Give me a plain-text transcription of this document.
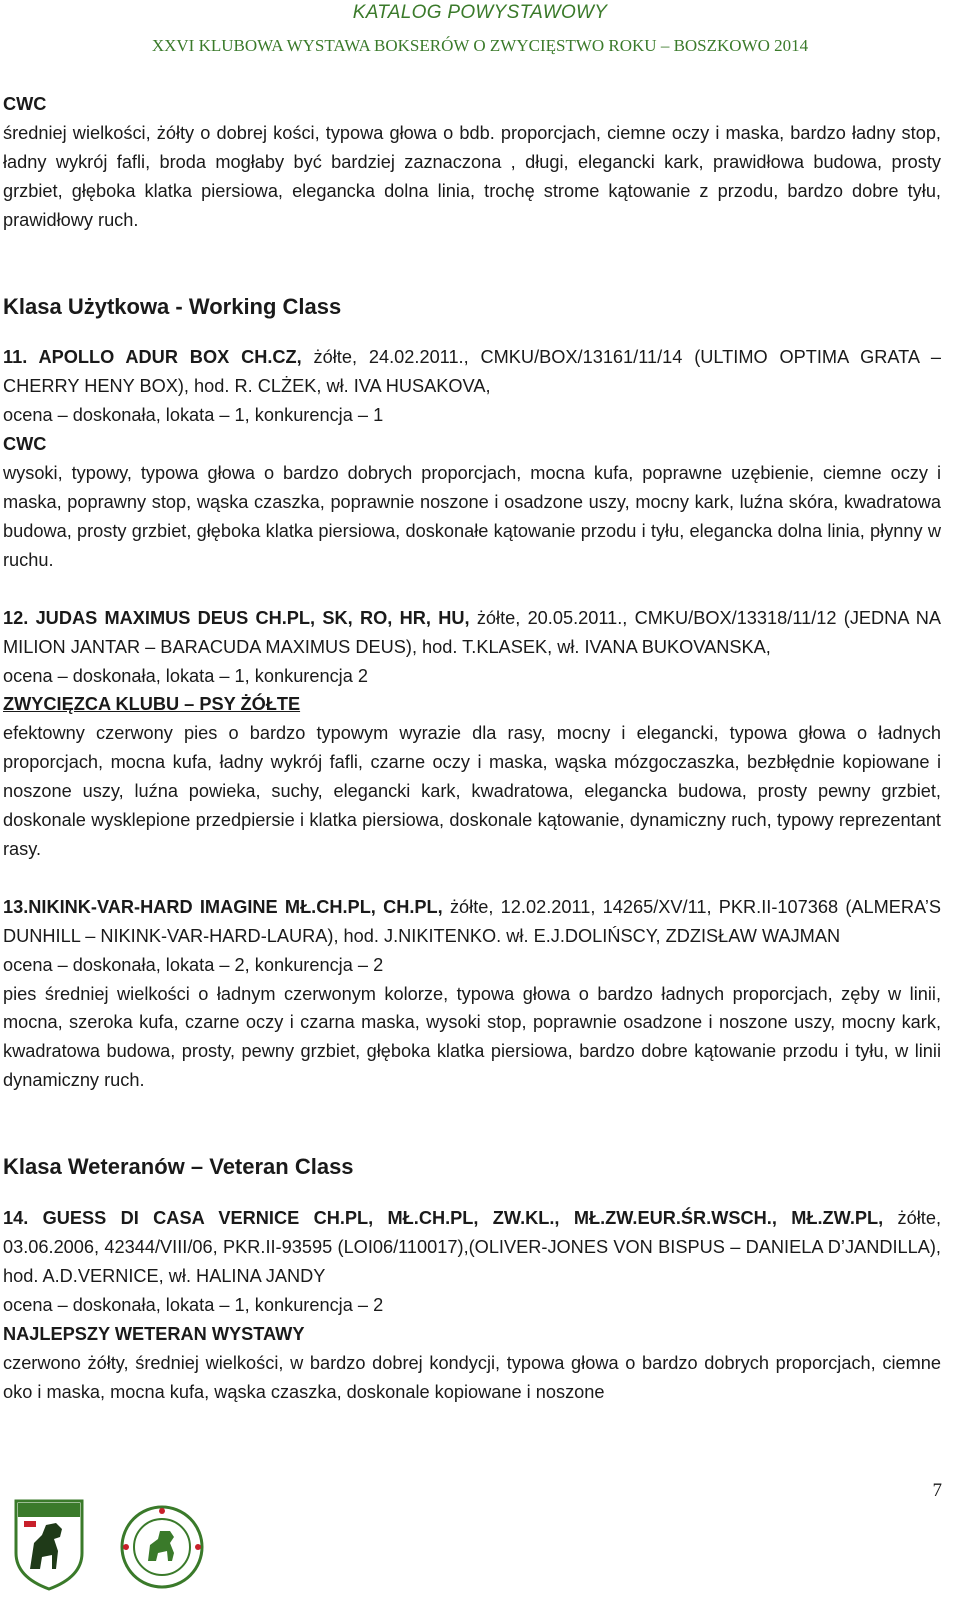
KATALOG POWYSTAWOWY
XXVI KLUBOWA WYSTAWA BOKSERÓW O ZWYCIĘSTWO ROKU – BOSZKOWO 2014

CWC

średniej wielkości, żółty o dobrej kości, typowa głowa o bdb. proporcjach, ciemne oczy i maska, bardzo ładny stop, ładny wykrój fafli, broda mogłaby być bardziej zaznaczona , długi, elegancki kark, prawidłowa budowa, prosty grzbiet, głęboka klatka piersiowa, elegancka dolna linia, trochę strome kątowanie z przodu, bardzo dobre tyłu, prawidłowy ruch.

Klasa Użytkowa - Working Class

11. APOLLO ADUR BOX CH.CZ, żółte, 24.02.2011., CMKU/BOX/13161/11/14 (ULTIMO OPTIMA GRATA – CHERRY HENY BOX), hod. R. CLŻEK, wł. IVA HUSAKOVA,

ocena – doskonała, lokata – 1, konkurencja – 1

CWC

wysoki, typowy, typowa głowa o bardzo dobrych proporcjach, mocna kufa, poprawne uzębienie, ciemne oczy i maska, poprawny stop, wąska czaszka, poprawnie noszone i osadzone uszy, mocny kark, luźna skóra, kwadratowa budowa, prosty grzbiet, głęboka klatka piersiowa, doskonałe kątowanie przodu i tyłu, elegancka dolna linia, płynny w ruchu.

12. JUDAS MAXIMUS DEUS CH.PL, SK, RO, HR, HU, żółte, 20.05.2011., CMKU/BOX/13318/11/12 (JEDNA NA MILION JANTAR – BARACUDA MAXIMUS DEUS), hod. T.KLASEK, wł. IVANA BUKOVANSKA,

ocena – doskonała, lokata – 1, konkurencja 2

ZWYCIĘZCA KLUBU – PSY ŻÓŁTE

efektowny czerwony pies o bardzo typowym wyrazie dla rasy, mocny i elegancki, typowa głowa o ładnych proporcjach, mocna kufa, ładny wykrój fafli, czarne oczy i maska, wąska mózgoczaszka, bezbłędnie kopiowane i noszone uszy, luźna powieka, suchy, elegancki kark, kwadratowa, elegancka budowa, prosty pewny grzbiet, doskonale wysklepione przedpiersie i klatka piersiowa, doskonale kątowanie, dynamiczny ruch, typowy reprezentant rasy.

13.NIKINK-VAR-HARD IMAGINE MŁ.CH.PL, CH.PL, żółte, 12.02.2011, 14265/XV/11, PKR.II-107368 (ALMERA’S DUNHILL – NIKINK-VAR-HARD-LAURA), hod. J.NIKITENKO. wł. E.J.DOLIŃSCY, ZDZISŁAW WAJMAN

ocena – doskonała, lokata – 2, konkurencja – 2

pies średniej wielkości o ładnym czerwonym kolorze, typowa głowa o bardzo ładnych proporcjach, zęby w linii, mocna, szeroka kufa, czarne oczy i czarna maska, wysoki stop, poprawnie osadzone i noszone uszy, mocny kark, kwadratowa budowa, prosty, pewny grzbiet, głęboka klatka piersiowa, bardzo dobre kątowanie przodu i tyłu, w linii dynamiczny ruch.

Klasa Weteranów – Veteran Class

14. GUESS DI CASA VERNICE CH.PL, MŁ.CH.PL, ZW.KL., MŁ.ZW.EUR.ŚR.WSCH., MŁ.ZW.PL, żółte, 03.06.2006, 42344/VIII/06, PKR.II-93595 (LOI06/110017),(OLIVER-JONES VON BISPUS – DANIELA D’JANDILLA), hod. A.D.VERNICE, wł. HALINA JANDY

ocena – doskonała, lokata – 1, konkurencja – 2

NAJLEPSZY WETERAN WYSTAWY

czerwono żółty, średniej wielkości, w bardzo dobrej kondycji, typowa głowa o bardzo dobrych proporcjach, ciemne oko i maska, mocna kufa, wąska czaszka, doskonale kopiowane i noszone

7
